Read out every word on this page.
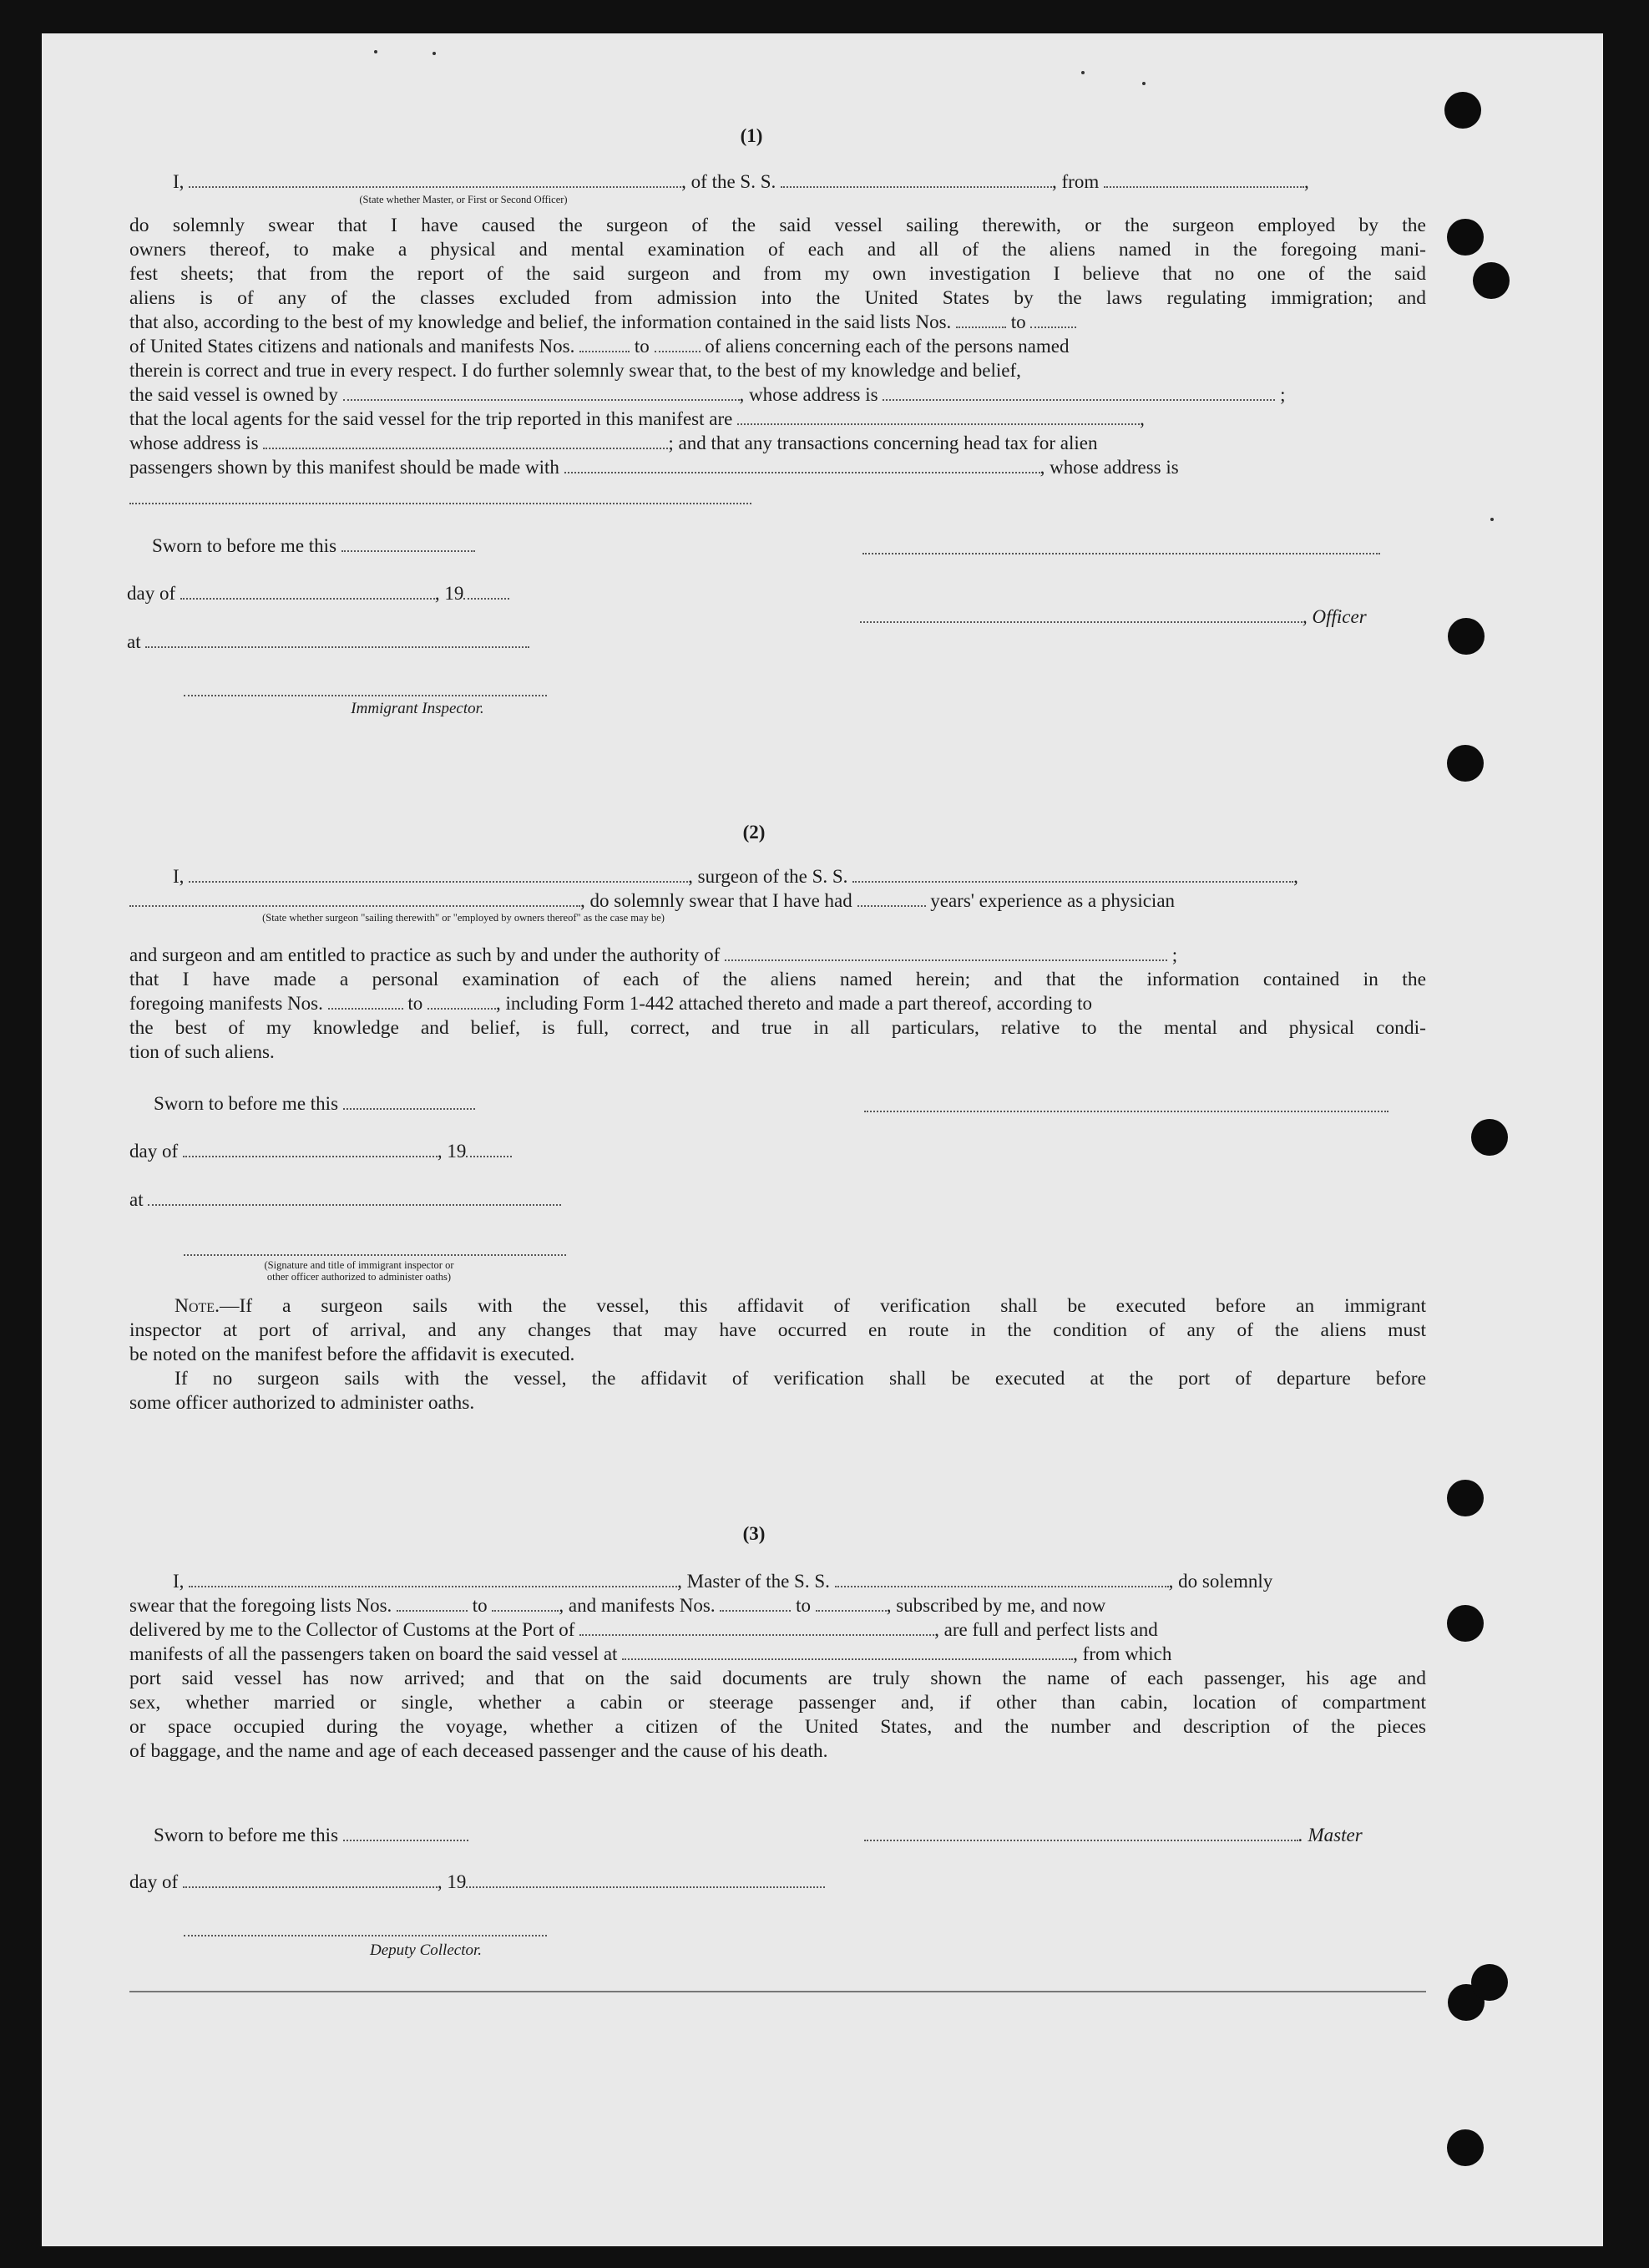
(1)
I,	, of the S. S.	, from	,
(State whether Master, or First or Second Officer)
do solemnly swear that I have caused the surgeon of the said vessel sailing therewith, or the surgeon employed by the
owners thereof, to make a physical and mental examination of each and all of the aliens named in the foregoing mani-
fest sheets; that from the report of the said surgeon and from my own investigation I believe that no one of the said
aliens is of any of the classes excluded from admission into the United States by the laws regulating immigration; and
that also, according to the best of my knowledge and belief, the information contained in the said lists Nos.	to
of United States citizens and nationals and manifests Nos.	to	of aliens concerning each of the persons named
therein is correct and true in every respect. I do further solemnly swear that, to the best of my knowledge and belief,
the said vessel is owned by	, whose address is	;
that the local agents for the said vessel for the trip reported in this manifest are	,
whose address is	; and that any transactions concerning head tax for alien
passengers shown by this manifest should be made with	, whose address is
Sworn to before me this
day of	, 19
at
, Officer
Immigrant Inspector.
(2)
I,	, surgeon of the S. S.	,
, do solemnly swear that I have had	years' experience as a physician
(State whether surgeon "sailing therewith" or "employed by owners thereof" as the case may be)
and surgeon and am entitled to practice as such by and under the authority of	;
that I have made a personal examination of each of the aliens named herein; and that the information contained in the
foregoing manifests Nos.	to	, including Form 1-442 attached thereto and made a part thereof, according to
the best of my knowledge and belief, is full, correct, and true in all particulars, relative to the mental and physical condi-
tion of such aliens.
Sworn to before me this
day of	, 19
at
(Signature and title of immigrant inspector or
other officer authorized to administer oaths)
Note.—If a surgeon sails with the vessel, this affidavit of verification shall be executed before an immigrant
inspector at port of arrival, and any changes that may have occurred en route in the condition of any of the aliens must
be noted on the manifest before the affidavit is executed.
If no surgeon sails with the vessel, the affidavit of verification shall be executed at the port of departure before
some officer authorized to administer oaths.
(3)
I,	, Master of the S. S.	, do solemnly
swear that the foregoing lists Nos.	to	, and manifests Nos.	to	, subscribed by me, and now
delivered by me to the Collector of Customs at the Port of	, are full and perfect lists and
manifests of all the passengers taken on board the said vessel at	, from which
port said vessel has now arrived; and that on the said documents are truly shown the name of each passenger, his age and
sex, whether married or single, whether a cabin or steerage passenger and, if other than cabin, location of compartment
or space occupied during the voyage, whether a citizen of the United States, and the number and description of the pieces
of baggage, and the name and age of each deceased passenger and the cause of his death.
Sworn to before me this	. Master
day of	, 19
Deputy Collector.
